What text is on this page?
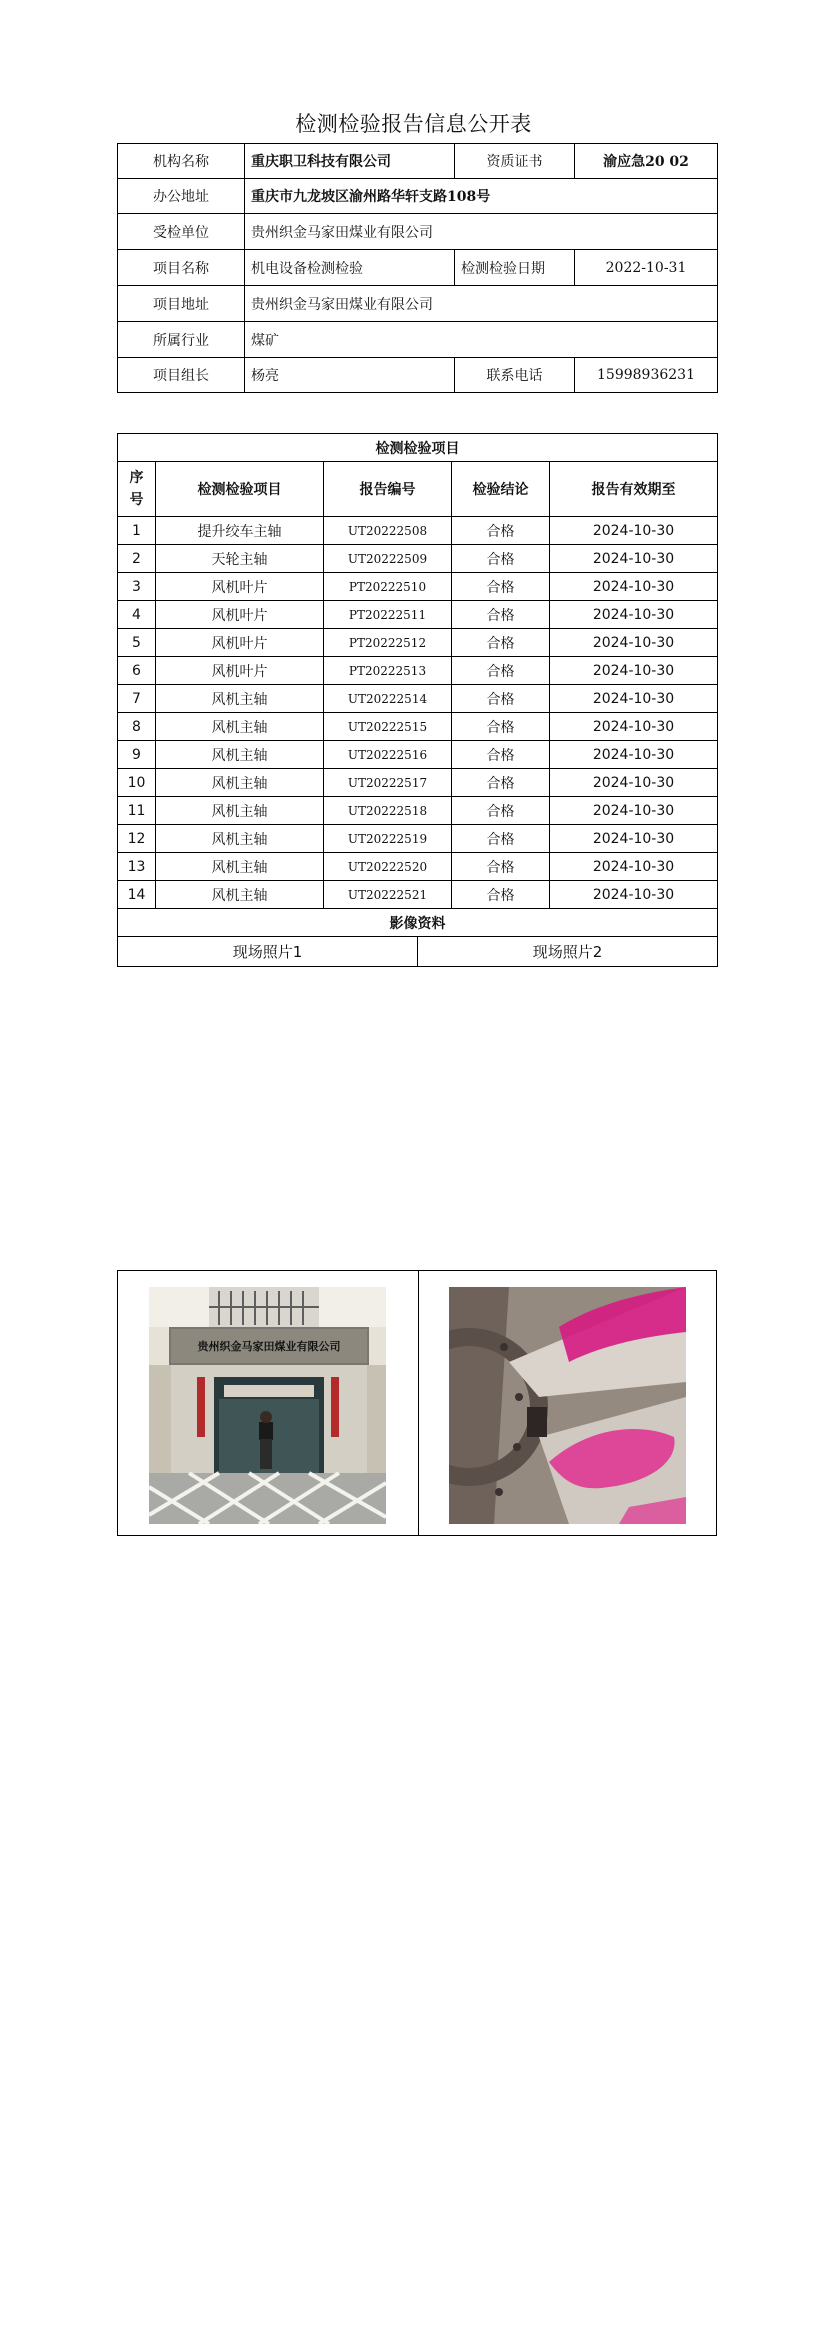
检测检验报告信息公开表
机构名称	重庆职卫科技有限公司	资质证书	渝应急20 02
办公地址	重庆市九龙坡区渝州路华轩支路108号		
受检单位	贵州织金马家田煤业有限公司		
项目名称	机电设备检测检验	检测检验日期	2022-10-31
项目地址	贵州织金马家田煤业有限公司		
所属行业	煤矿		
项目组长	杨亮	联系电话	15998936231
检测检验项目				
序号	检测检验项目	报告编号	检验结论	报告有效期至
1	提升绞车主轴	UT20222508	合格	2024-10-30
2	天轮主轴	UT20222509	合格	2024-10-30
3	风机叶片	PT20222510	合格	2024-10-30
4	风机叶片	PT20222511	合格	2024-10-30
5	风机叶片	PT20222512	合格	2024-10-30
6	风机叶片	PT20222513	合格	2024-10-30
7	风机主轴	UT20222514	合格	2024-10-30
8	风机主轴	UT20222515	合格	2024-10-30
9	风机主轴	UT20222516	合格	2024-10-30
10	风机主轴	UT20222517	合格	2024-10-30
11	风机主轴	UT20222518	合格	2024-10-30
12	风机主轴	UT20222519	合格	2024-10-30
13	风机主轴	UT20222520	合格	2024-10-30
14	风机主轴	UT20222521	合格	2024-10-30
影像资料				
现场照片1	现场照片2
贵州织金马家田煤业有限公司
